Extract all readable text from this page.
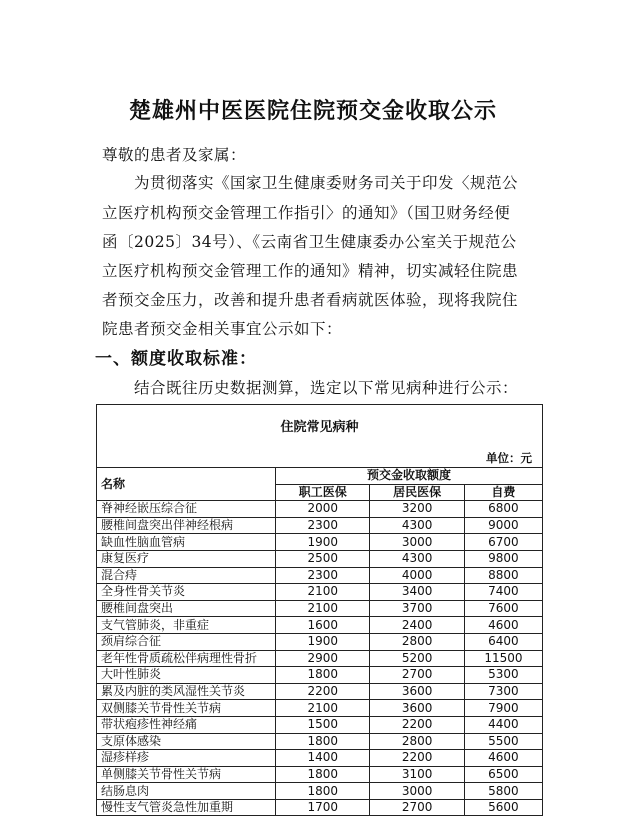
楚雄州中医医院住院预交金收取公示
尊敬的患者及家属：
为贯彻落实《国家卫生健康委财务司关于印发〈规范公
立医疗机构预交金管理工作指引〉的通知》（国卫财务经便
函〔2025〕34号）、《云南省卫生健康委办公室关于规范公
立医疗机构预交金管理工作的通知》精神，切实减轻住院患
者预交金压力，改善和提升患者看病就医体验，现将我院住
院患者预交金相关事宜公示如下：
一、额度收取标准：
结合既往历史数据测算，选定以下常见病种进行公示：
住院常见病种			
单位：元			
名称	预交金收取额度		
	职工医保	居民医保	自费
脊神经嵌压综合征	2000	3200	6800
腰椎间盘突出伴神经根病	2300	4300	9000
缺血性脑血管病	1900	3000	6700
康复医疗	2500	4300	9800
混合痔	2300	4000	8800
全身性骨关节炎	2100	3400	7400
腰椎间盘突出	2100	3700	7600
支气管肺炎，非重症	1600	2400	4600
颈肩综合征	1900	2800	6400
老年性骨质疏松伴病理性骨折	2900	5200	11500
大叶性肺炎	1800	2700	5300
累及内脏的类风湿性关节炎	2200	3600	7300
双侧膝关节骨性关节病	2100	3600	7900
带状疱疹性神经痛	1500	2200	4400
支原体感染	1800	2800	5500
湿疹样疹	1400	2200	4600
单侧膝关节骨性关节病	1800	3100	6500
结肠息肉	1800	3000	5800
慢性支气管炎急性加重期	1700	2700	5600
